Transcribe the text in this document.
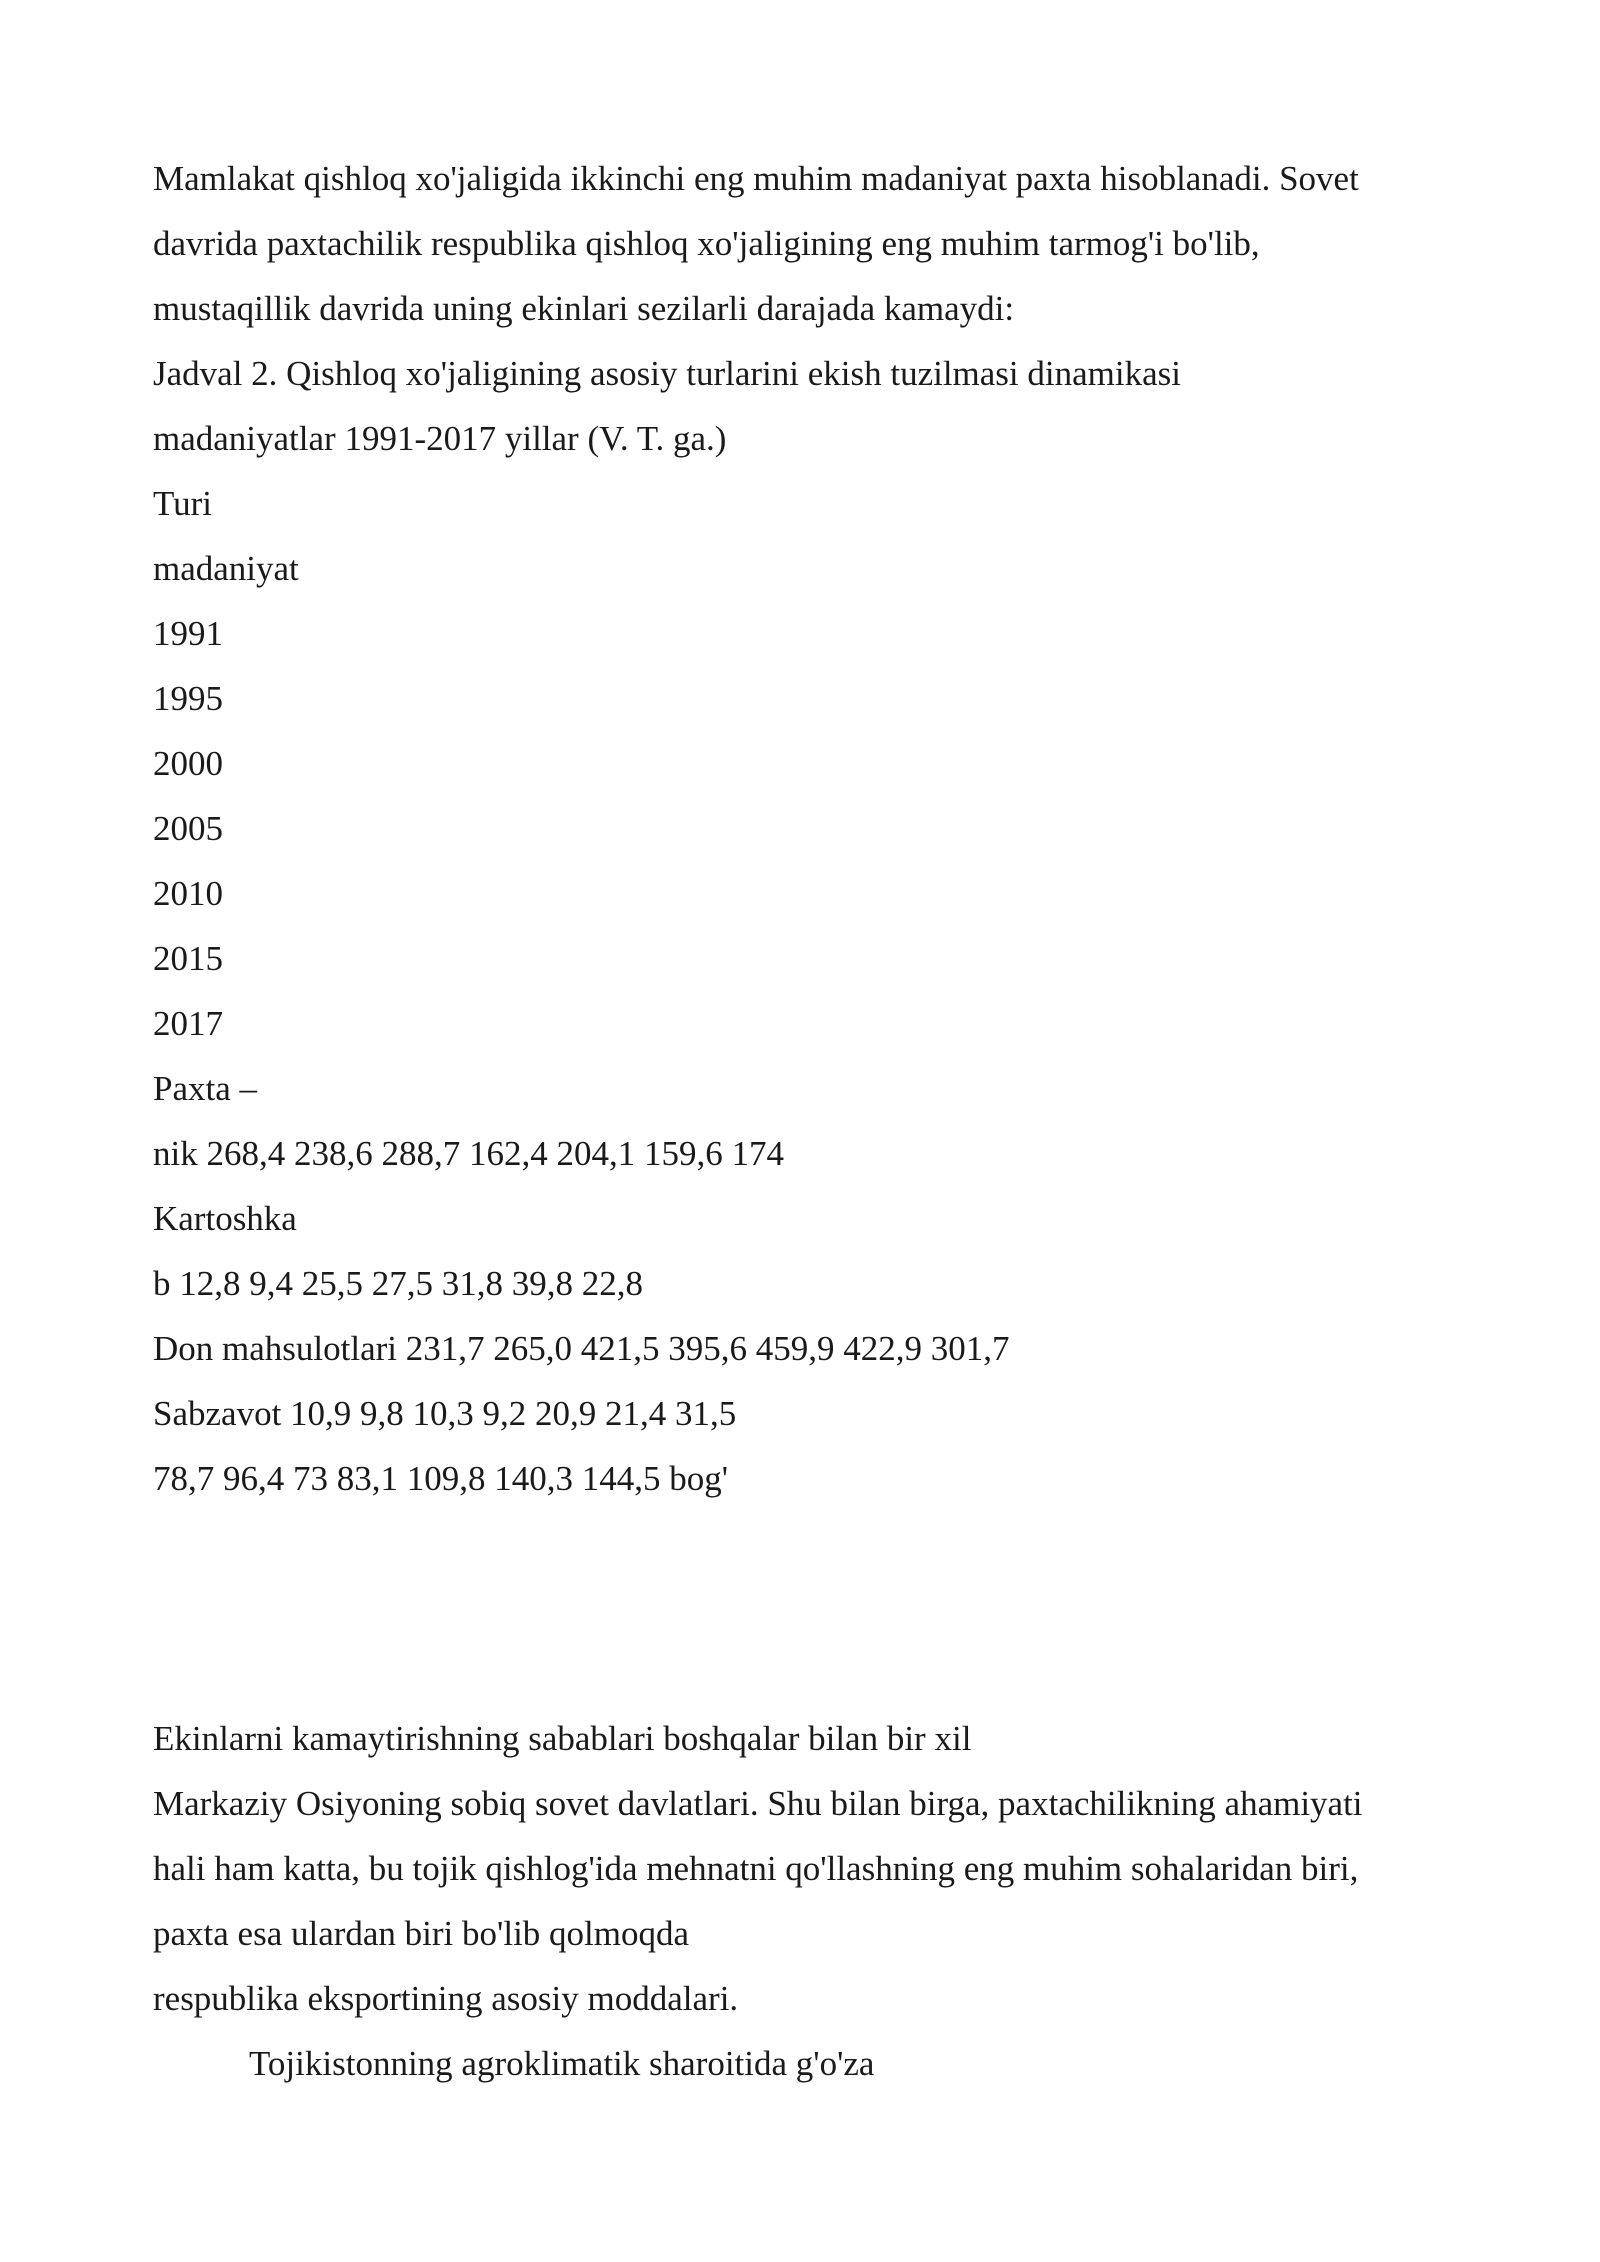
Mamlakat qishloq xo'jaligida ikkinchi eng muhim madaniyat paxta hisoblanadi. Sovet

davrida paxtachilik respublika qishloq xo'jaligining eng muhim tarmog'i bo'lib,

mustaqillik davrida uning ekinlari sezilarli darajada kamaydi:

Jadval 2. Qishloq xo'jaligining asosiy turlarini ekish tuzilmasi dinamikasi

madaniyatlar 1991-2017 yillar (V. T. ga.)

Turi

madaniyat

1991

1995

2000

2005

2010

2015

2017

Paxta –

nik 268,4 238,6 288,7 162,4 204,1 159,6 174

Kartoshka

b 12,8 9,4 25,5 27,5 31,8 39,8 22,8

Don mahsulotlari 231,7 265,0 421,5 395,6 459,9 422,9 301,7

Sabzavot 10,9 9,8 10,3 9,2 20,9 21,4 31,5

78,7 96,4 73 83,1 109,8 140,3 144,5 bog'

Ekinlarni kamaytirishning sabablari boshqalar bilan bir xil

Markaziy Osiyoning sobiq sovet davlatlari. Shu bilan birga, paxtachilikning ahamiyati

hali ham katta, bu tojik qishlog'ida mehnatni qo'llashning eng muhim sohalaridan biri,

paxta esa ulardan biri bo'lib qolmoqda

respublika eksportining asosiy moddalari.

Tojikistonning agroklimatik sharoitida g'o'za
